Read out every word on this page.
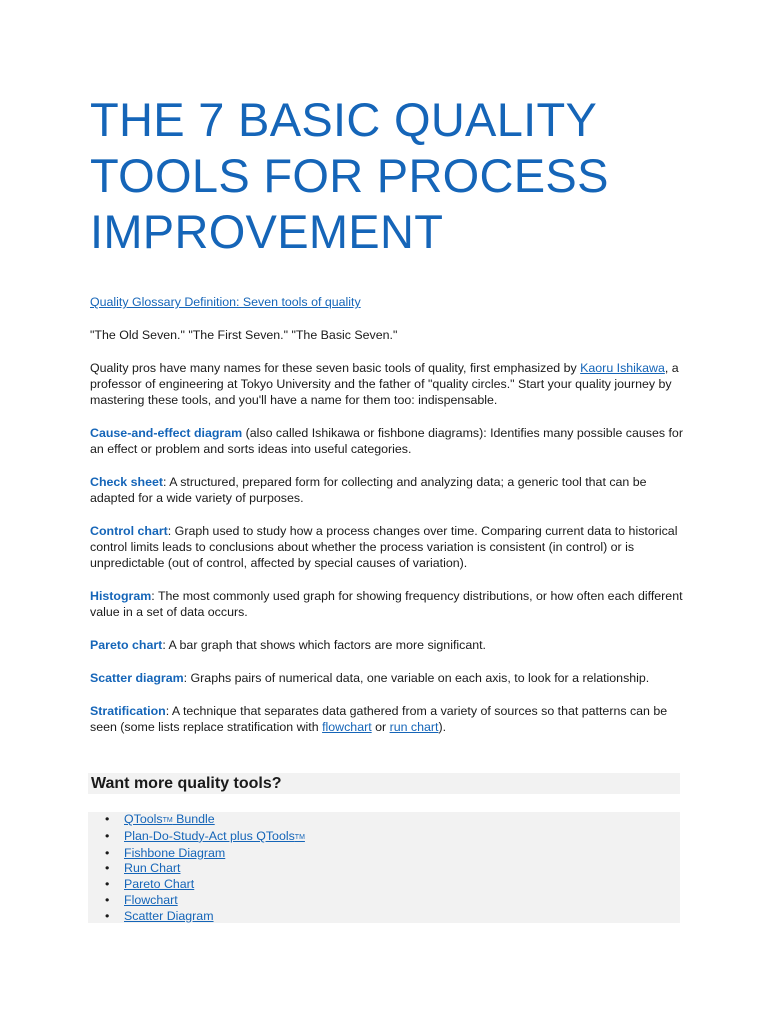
THE 7 BASIC QUALITY
TOOLS FOR PROCESS
IMPROVEMENT

Quality Glossary Definition: Seven tools of quality

"The Old Seven." "The First Seven." "The Basic Seven."

Quality pros have many names for these seven basic tools of quality, first emphasized by Kaoru Ishikawa, a professor of engineering at Tokyo University and the father of "quality circles." Start your quality journey by mastering these tools, and you'll have a name for them too: indispensable.

Cause-and-effect diagram (also called Ishikawa or fishbone diagrams): Identifies many possible causes for an effect or problem and sorts ideas into useful categories.

Check sheet: A structured, prepared form for collecting and analyzing data; a generic tool that can be adapted for a wide variety of purposes.

Control chart: Graph used to study how a process changes over time. Comparing current data to historical control limits leads to conclusions about whether the process variation is consistent (in control) or is unpredictable (out of control, affected by special causes of variation).

Histogram: The most commonly used graph for showing frequency distributions, or how often each different value in a set of data occurs.

Pareto chart: A bar graph that shows which factors are more significant.

Scatter diagram: Graphs pairs of numerical data, one variable on each axis, to look for a relationship.

Stratification: A technique that separates data gathered from a variety of sources so that patterns can be seen (some lists replace stratification with flowchart or run chart).

Want more quality tools?
• QTools™ Bundle
• Plan-Do-Study-Act plus QTools™
• Fishbone Diagram
• Run Chart
• Pareto Chart
• Flowchart
• Scatter Diagram
